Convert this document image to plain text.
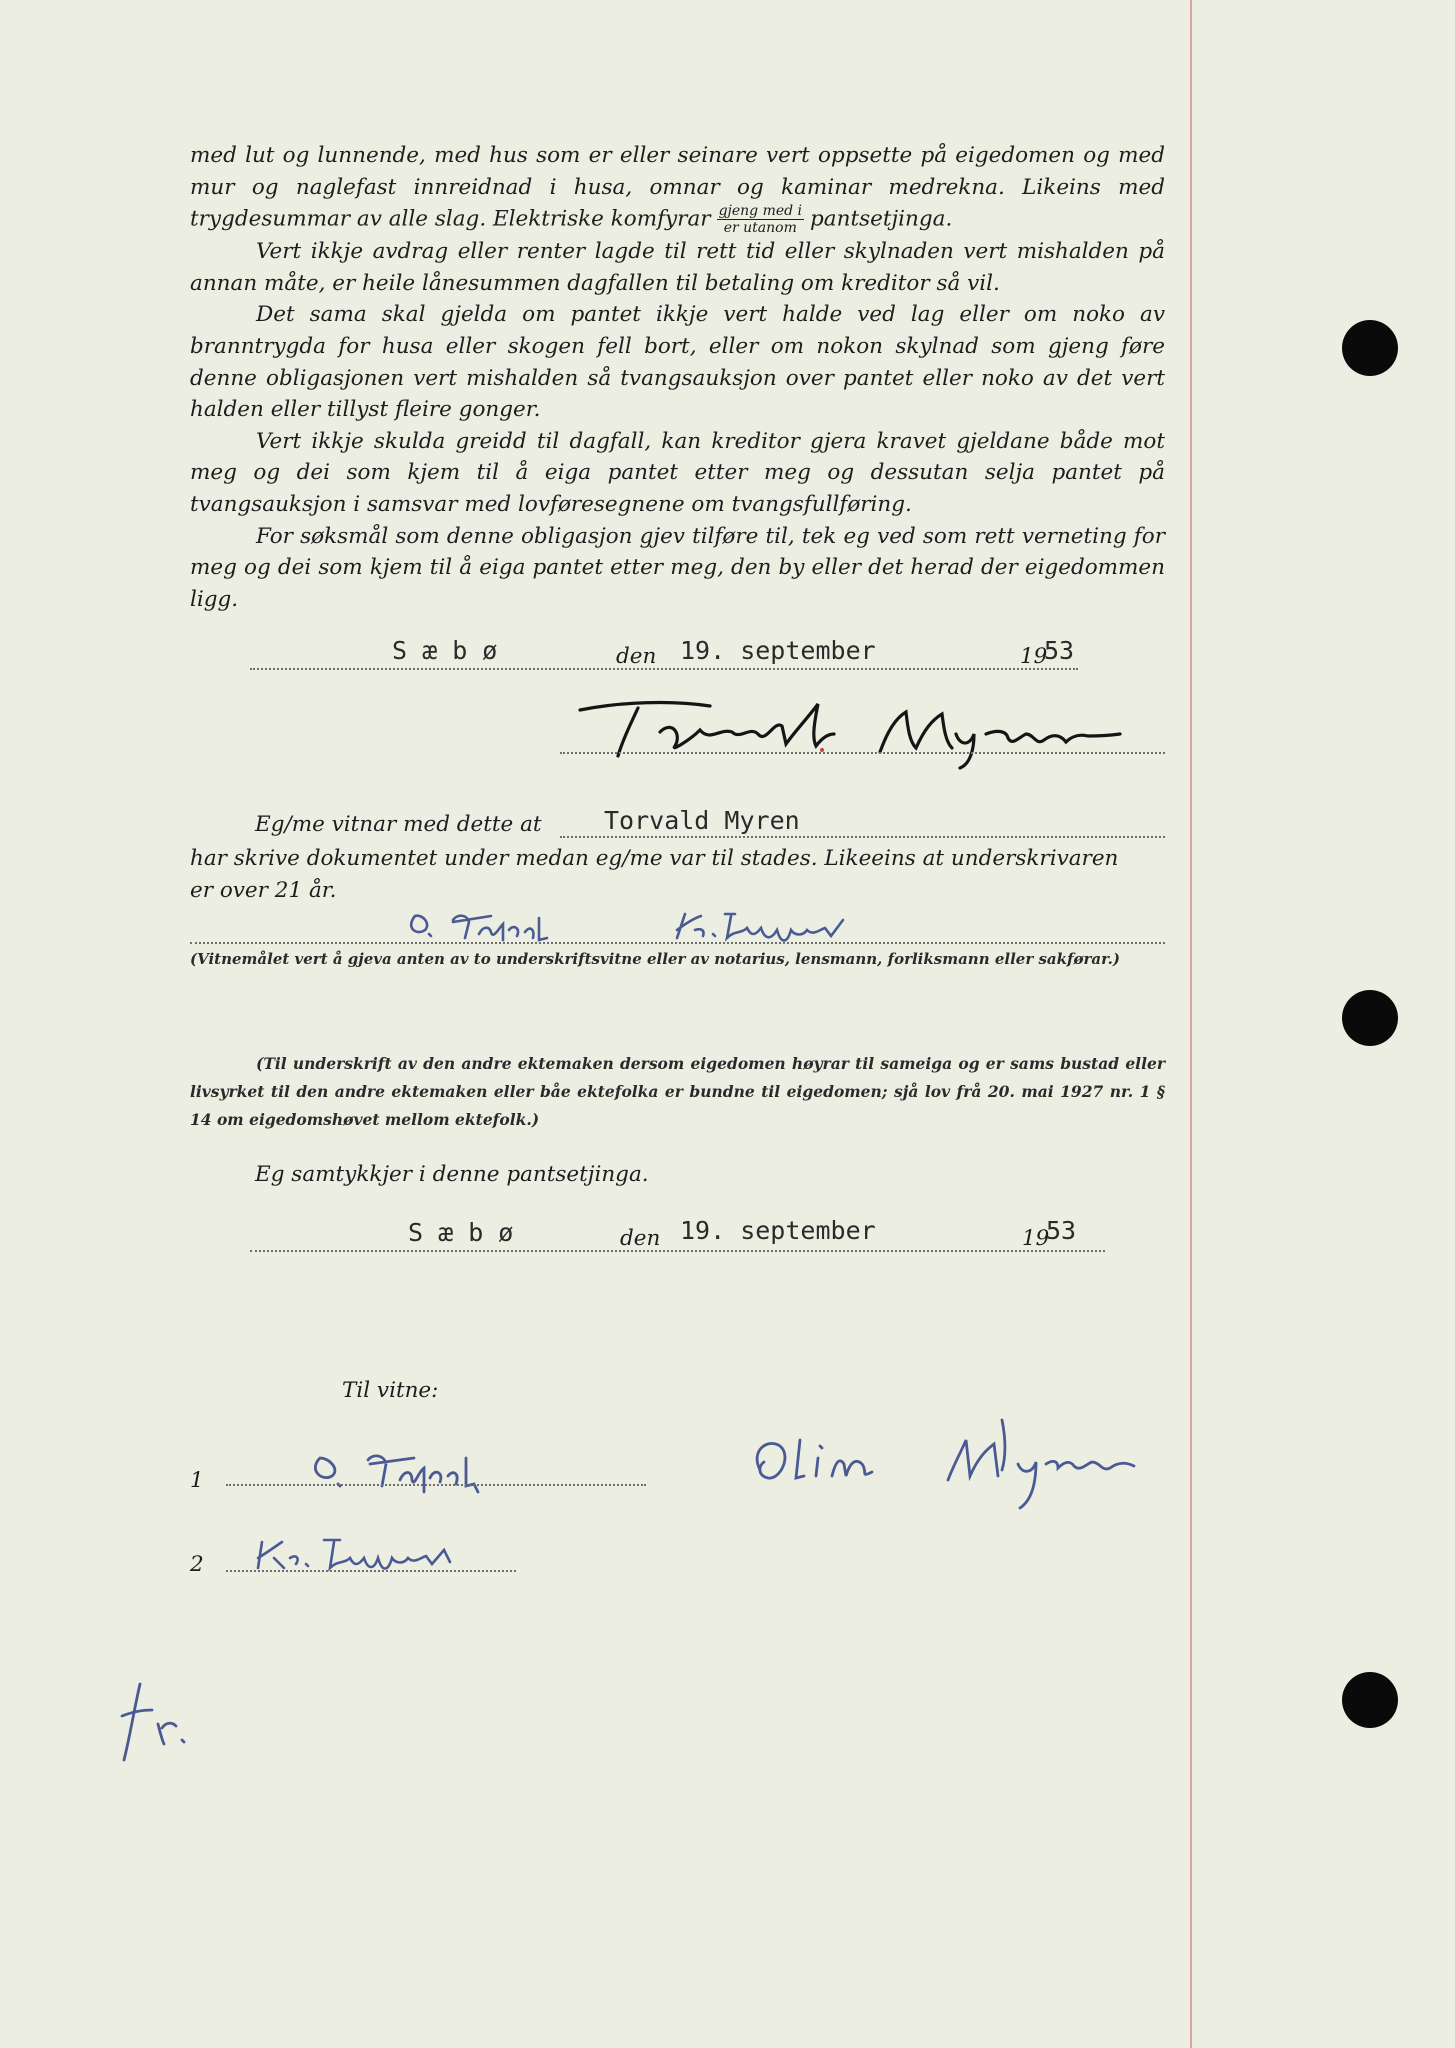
med lut og lunnende, med hus som er eller seinare vert oppsette på eigedomen og med mur og naglefast innreidnad i husa, omnar og kaminar medrekna. Likeins med trygdesummar av alle slag. Elektriske komfyrar $\frac{\text{gjeng med i}}{\text{er utanom}}$ pantsetjinga.

Vert ikkje avdrag eller renter lagde til rett tid eller skylnaden vert mishalden på annan måte, er heile lånesummen dagfallen til betaling om kreditor så vil.

Det sama skal gjelda om pantet ikkje vert halde ved lag eller om noko av branntrygda for husa eller skogen fell bort, eller om nokon skylnad som gjeng føre denne obligasjonen vert mishalden så tvangsauksjon over pantet eller noko av det vert halden eller tillyst fleire gonger.

Vert ikkje skulda greidd til dagfall, kan kreditor gjera kravet gjeldane både mot meg og dei som kjem til å eiga pantet etter meg og dessutan selja pantet på tvangsauksjon i samsvar med lovføresegnene om tvangsfullføring.

For søksmål som denne obligasjon gjev tilføre til, tek eg ved som rett verneting for meg og dei som kjem til å eiga pantet etter meg, den by eller det herad der eigedommen ligg.

S æ b ø	den 19. september	19
53
Eg/me vitnar med dette at Torvald Myren
har skrive dokumentet under medan eg/me var til stades. Likeeins at underskrivaren
er over 21 år.
(Vitnemålet vert å gjeva anten av to underskriftsvitne eller av notarius, lensmann, forliksmann eller sakførar.)
(Til underskrift av den andre ektemaken dersom eigedomen høyrar til sameiga og er sams bustad eller livsyrket til den andre ektemaken eller båe ektefolka er bundne til eigedomen; sjå lov frå 20. mai 1927 nr. 1 § 14 om eigedomshøvet mellom ektefolk.)
Eg samtykkjer i denne pantsetjinga.
S æ b ø	den 19. september	19
53
Til vitne:
1
2
